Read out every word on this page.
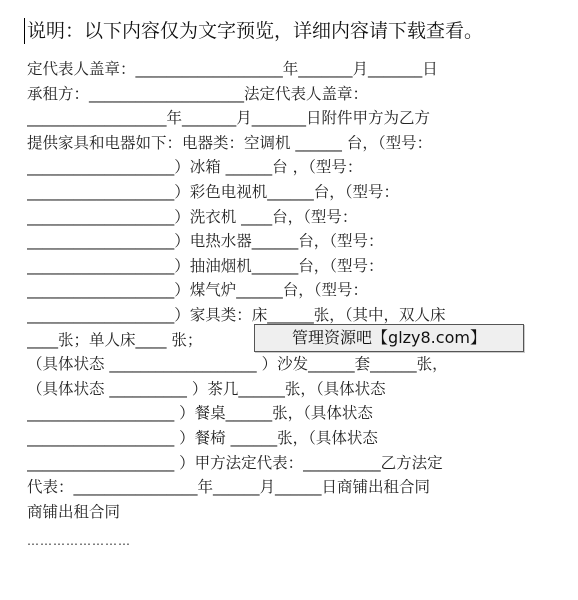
说明：以下内容仅为文字预览，详细内容请下载查看。
定代表人盖章：___________________年_______月_______日
承租方：____________________法定代表人盖章：
__________________年_______月_______日附件甲方为乙方
提供家具和电器如下：电器类：空调机 ______ 台，（型号：
___________________）冰箱 ______台 ，（型号：
___________________）彩色电视机______台，（型号：
___________________）洗衣机 ____台，（型号：
___________________）电热水器______台，（型号：
___________________）抽油烟机______台，（型号：
___________________）煤气炉______台，（型号：
___________________）家具类：床______张，（其中，双人床
____张；单人床____ 张；
（具体状态 ___________________ ）沙发______套______张，
（具体状态 __________ ）茶几______张，（具体状态
___________________ ）餐桌______张，（具体状态
___________________ ）餐椅 ______张，（具体状态
___________________ ）甲方法定代表：__________乙方法定
代表：________________年______月______日商铺出租合同
商铺出租合同
……………………
管理资源吧【glzy8.com】
